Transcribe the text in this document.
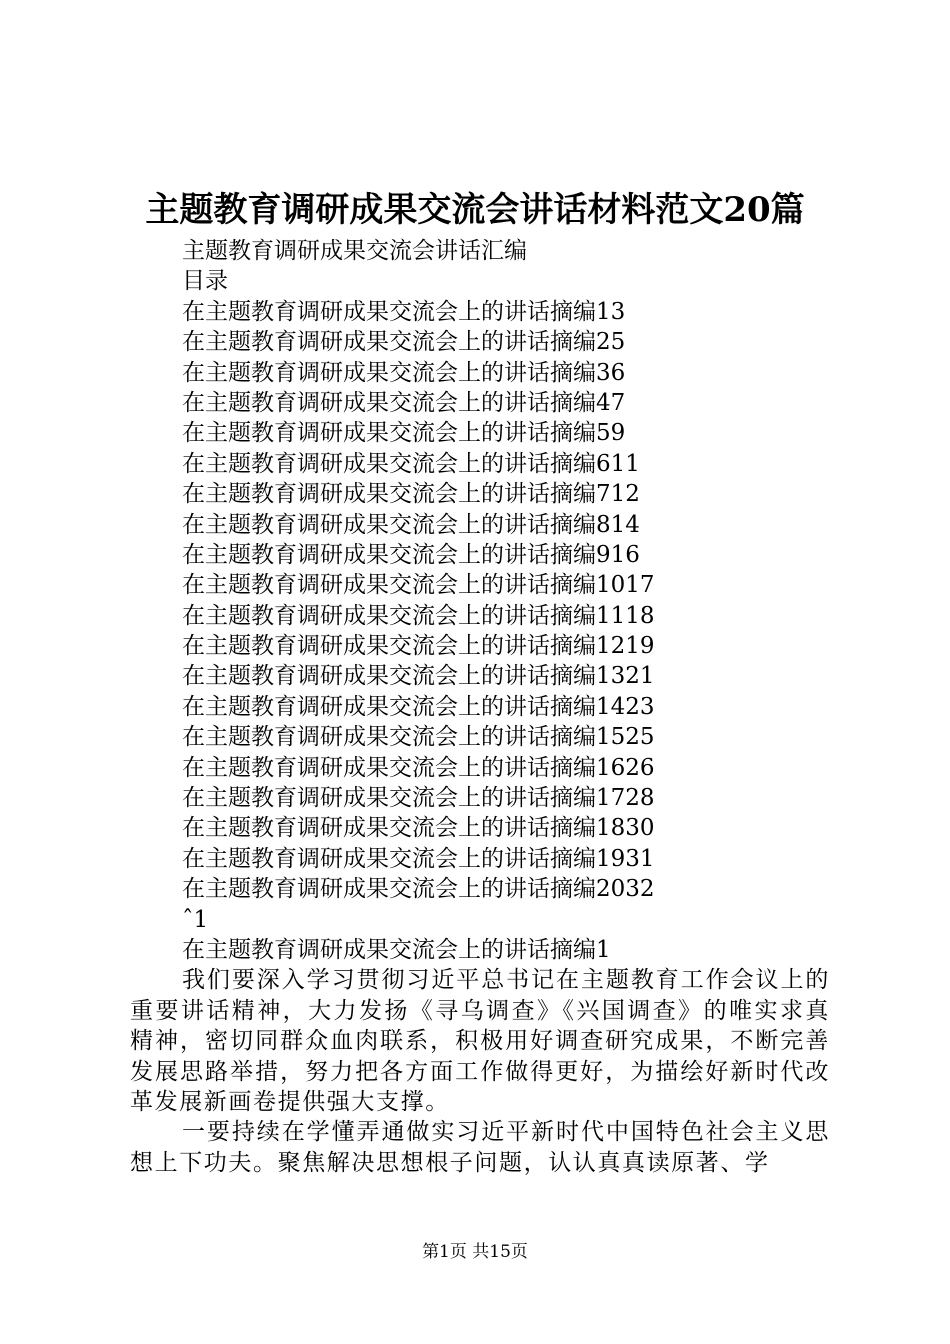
主题教育调研成果交流会讲话材料范文20篇
主题教育调研成果交流会讲话汇编
目录
在主题教育调研成果交流会上的讲话摘编13
在主题教育调研成果交流会上的讲话摘编25
在主题教育调研成果交流会上的讲话摘编36
在主题教育调研成果交流会上的讲话摘编47
在主题教育调研成果交流会上的讲话摘编59
在主题教育调研成果交流会上的讲话摘编611
在主题教育调研成果交流会上的讲话摘编712
在主题教育调研成果交流会上的讲话摘编814
在主题教育调研成果交流会上的讲话摘编916
在主题教育调研成果交流会上的讲话摘编1017
在主题教育调研成果交流会上的讲话摘编1118
在主题教育调研成果交流会上的讲话摘编1219
在主题教育调研成果交流会上的讲话摘编1321
在主题教育调研成果交流会上的讲话摘编1423
在主题教育调研成果交流会上的讲话摘编1525
在主题教育调研成果交流会上的讲话摘编1626
在主题教育调研成果交流会上的讲话摘编1728
在主题教育调研成果交流会上的讲话摘编1830
在主题教育调研成果交流会上的讲话摘编1931
在主题教育调研成果交流会上的讲话摘编2032
ˆ1
在主题教育调研成果交流会上的讲话摘编1

我们要深入学习贯彻习近平总书记在主题教育工作会议上的重要讲话精神，大力发扬《寻乌调查》《兴国调查》的唯实求真精神，密切同群众血肉联系，积极用好调查研究成果，不断完善发展思路举措，努力把各方面工作做得更好，为描绘好新时代改革发展新画卷提供强大支撑。

一要持续在学懂弄通做实习近平新时代中国特色社会主义思想上下功夫。聚焦解决思想根子问题，认认真真读原著、学

第1页 共15页
